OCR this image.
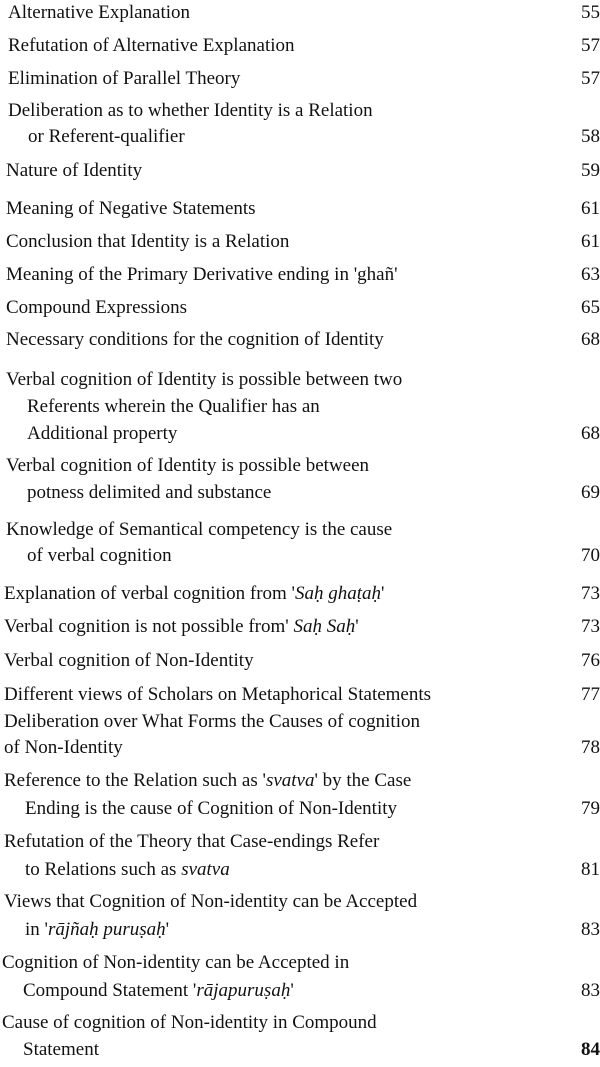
Alternative Explanation	55
Refutation of Alternative Explanation	57
Elimination of Parallel Theory	57
Deliberation as to whether Identity is a Relation
or Referent-qualifier	58
Nature of Identity	59
Meaning of Negative Statements	61
Conclusion that Identity is a Relation	61
Meaning of the Primary Derivative ending in 'ghañ'	63
Compound Expressions	65
Necessary conditions for the cognition of Identity	68
Verbal cognition of Identity is possible between two
Referents wherein the Qualifier has an
Additional property	68
Verbal cognition of Identity is possible between
potness delimited and substance	69
Knowledge of Semantical competency is the cause
of verbal cognition	70
Explanation of verbal cognition from 'Saḥ ghaṭaḥ'	73
Verbal cognition is not possible from' Saḥ Saḥ'	73
Verbal cognition of Non-Identity	76
Different views of Scholars on Metaphorical Statements	77
Deliberation over What Forms the Causes of cognition
of Non-Identity	78
Reference to the Relation such as 'svatva' by the Case
Ending is the cause of Cognition of Non-Identity	79
Refutation of the Theory that Case-endings Refer
to Relations such as svatva	81
Views that Cognition of Non-identity can be Accepted
in 'rājñaḥ puruṣaḥ'	83
Cognition of Non-identity can be Accepted in
Compound Statement 'rājapuruṣaḥ'	83
Cause of cognition of Non-identity in Compound
Statement	84
